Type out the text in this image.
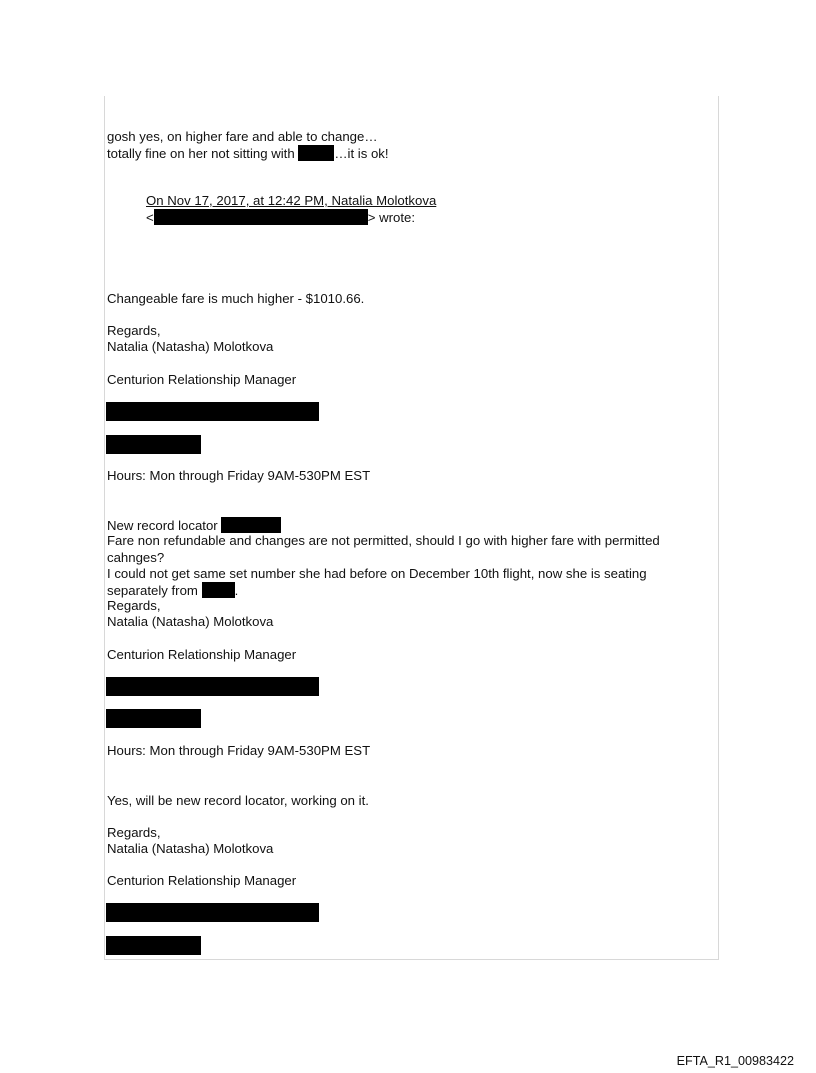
gosh yes, on higher fare and able to change…
totally fine on her not sitting with	…it is ok!
On Nov 17, 2017, at 12:42 PM, Natalia Molotkova
<	> wrote:
Changeable fare is much higher - $1010.66.
Regards,
Natalia (Natasha) Molotkova
Centurion Relationship Manager
Hours: Mon through Friday 9AM-530PM EST
New record locator
Fare non refundable and changes are not permitted, should I go with higher fare with permitted
cahnges?
I could not get same set number she had before on December 10th flight, now she is seating
separately from	.
Regards,
Natalia (Natasha) Molotkova
Centurion Relationship Manager
Hours: Mon through Friday 9AM-530PM EST
Yes, will be new record locator, working on it.
Regards,
Natalia (Natasha) Molotkova
Centurion Relationship Manager
EFTA_R1_00983422
